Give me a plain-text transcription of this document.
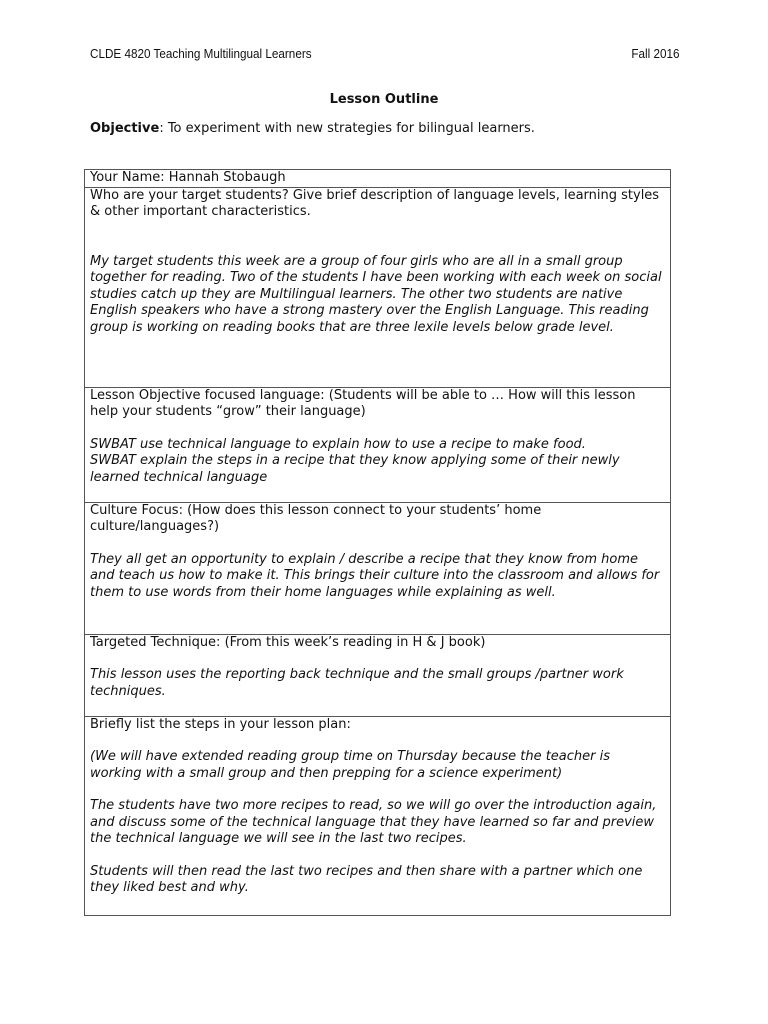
CLDE 4820 Teaching Multilingual Learners	Fall 2016
Lesson Outline
Objective: To experiment with new strategies for bilingual learners.

Your Name: Hannah Stobaugh

Who are your target students? Give brief description of language levels, learning styles & other important characteristics.

My target students this week are a group of four girls who are all in a small group together for reading. Two of the students I have been working with each week on social studies catch up they are Multilingual learners. The other two students are native English speakers who have a strong mastery over the English Language. This reading group is working on reading books that are three lexile levels below grade level.

Lesson Objective focused language: (Students will be able to … How will this lesson help your students “grow” their language)

SWBAT use technical language to explain how to use a recipe to make food.

SWBAT explain the steps in a recipe that they know applying some of their newly learned technical language

Culture Focus: (How does this lesson connect to your students’ home culture/languages?)

They all get an opportunity to explain / describe a recipe that they know from home and teach us how to make it. This brings their culture into the classroom and allows for them to use words from their home languages while explaining as well.

Targeted Technique: (From this week’s reading in H & J book)

This lesson uses the reporting back technique and the small groups /partner work techniques.

Briefly list the steps in your lesson plan:

(We will have extended reading group time on Thursday because the teacher is working with a small group and then prepping for a science experiment)

The students have two more recipes to read, so we will go over the introduction again, and discuss some of the technical language that they have learned so far and preview the technical language we will see in the last two recipes.

Students will then read the last two recipes and then share with a partner which one they liked best and why.
